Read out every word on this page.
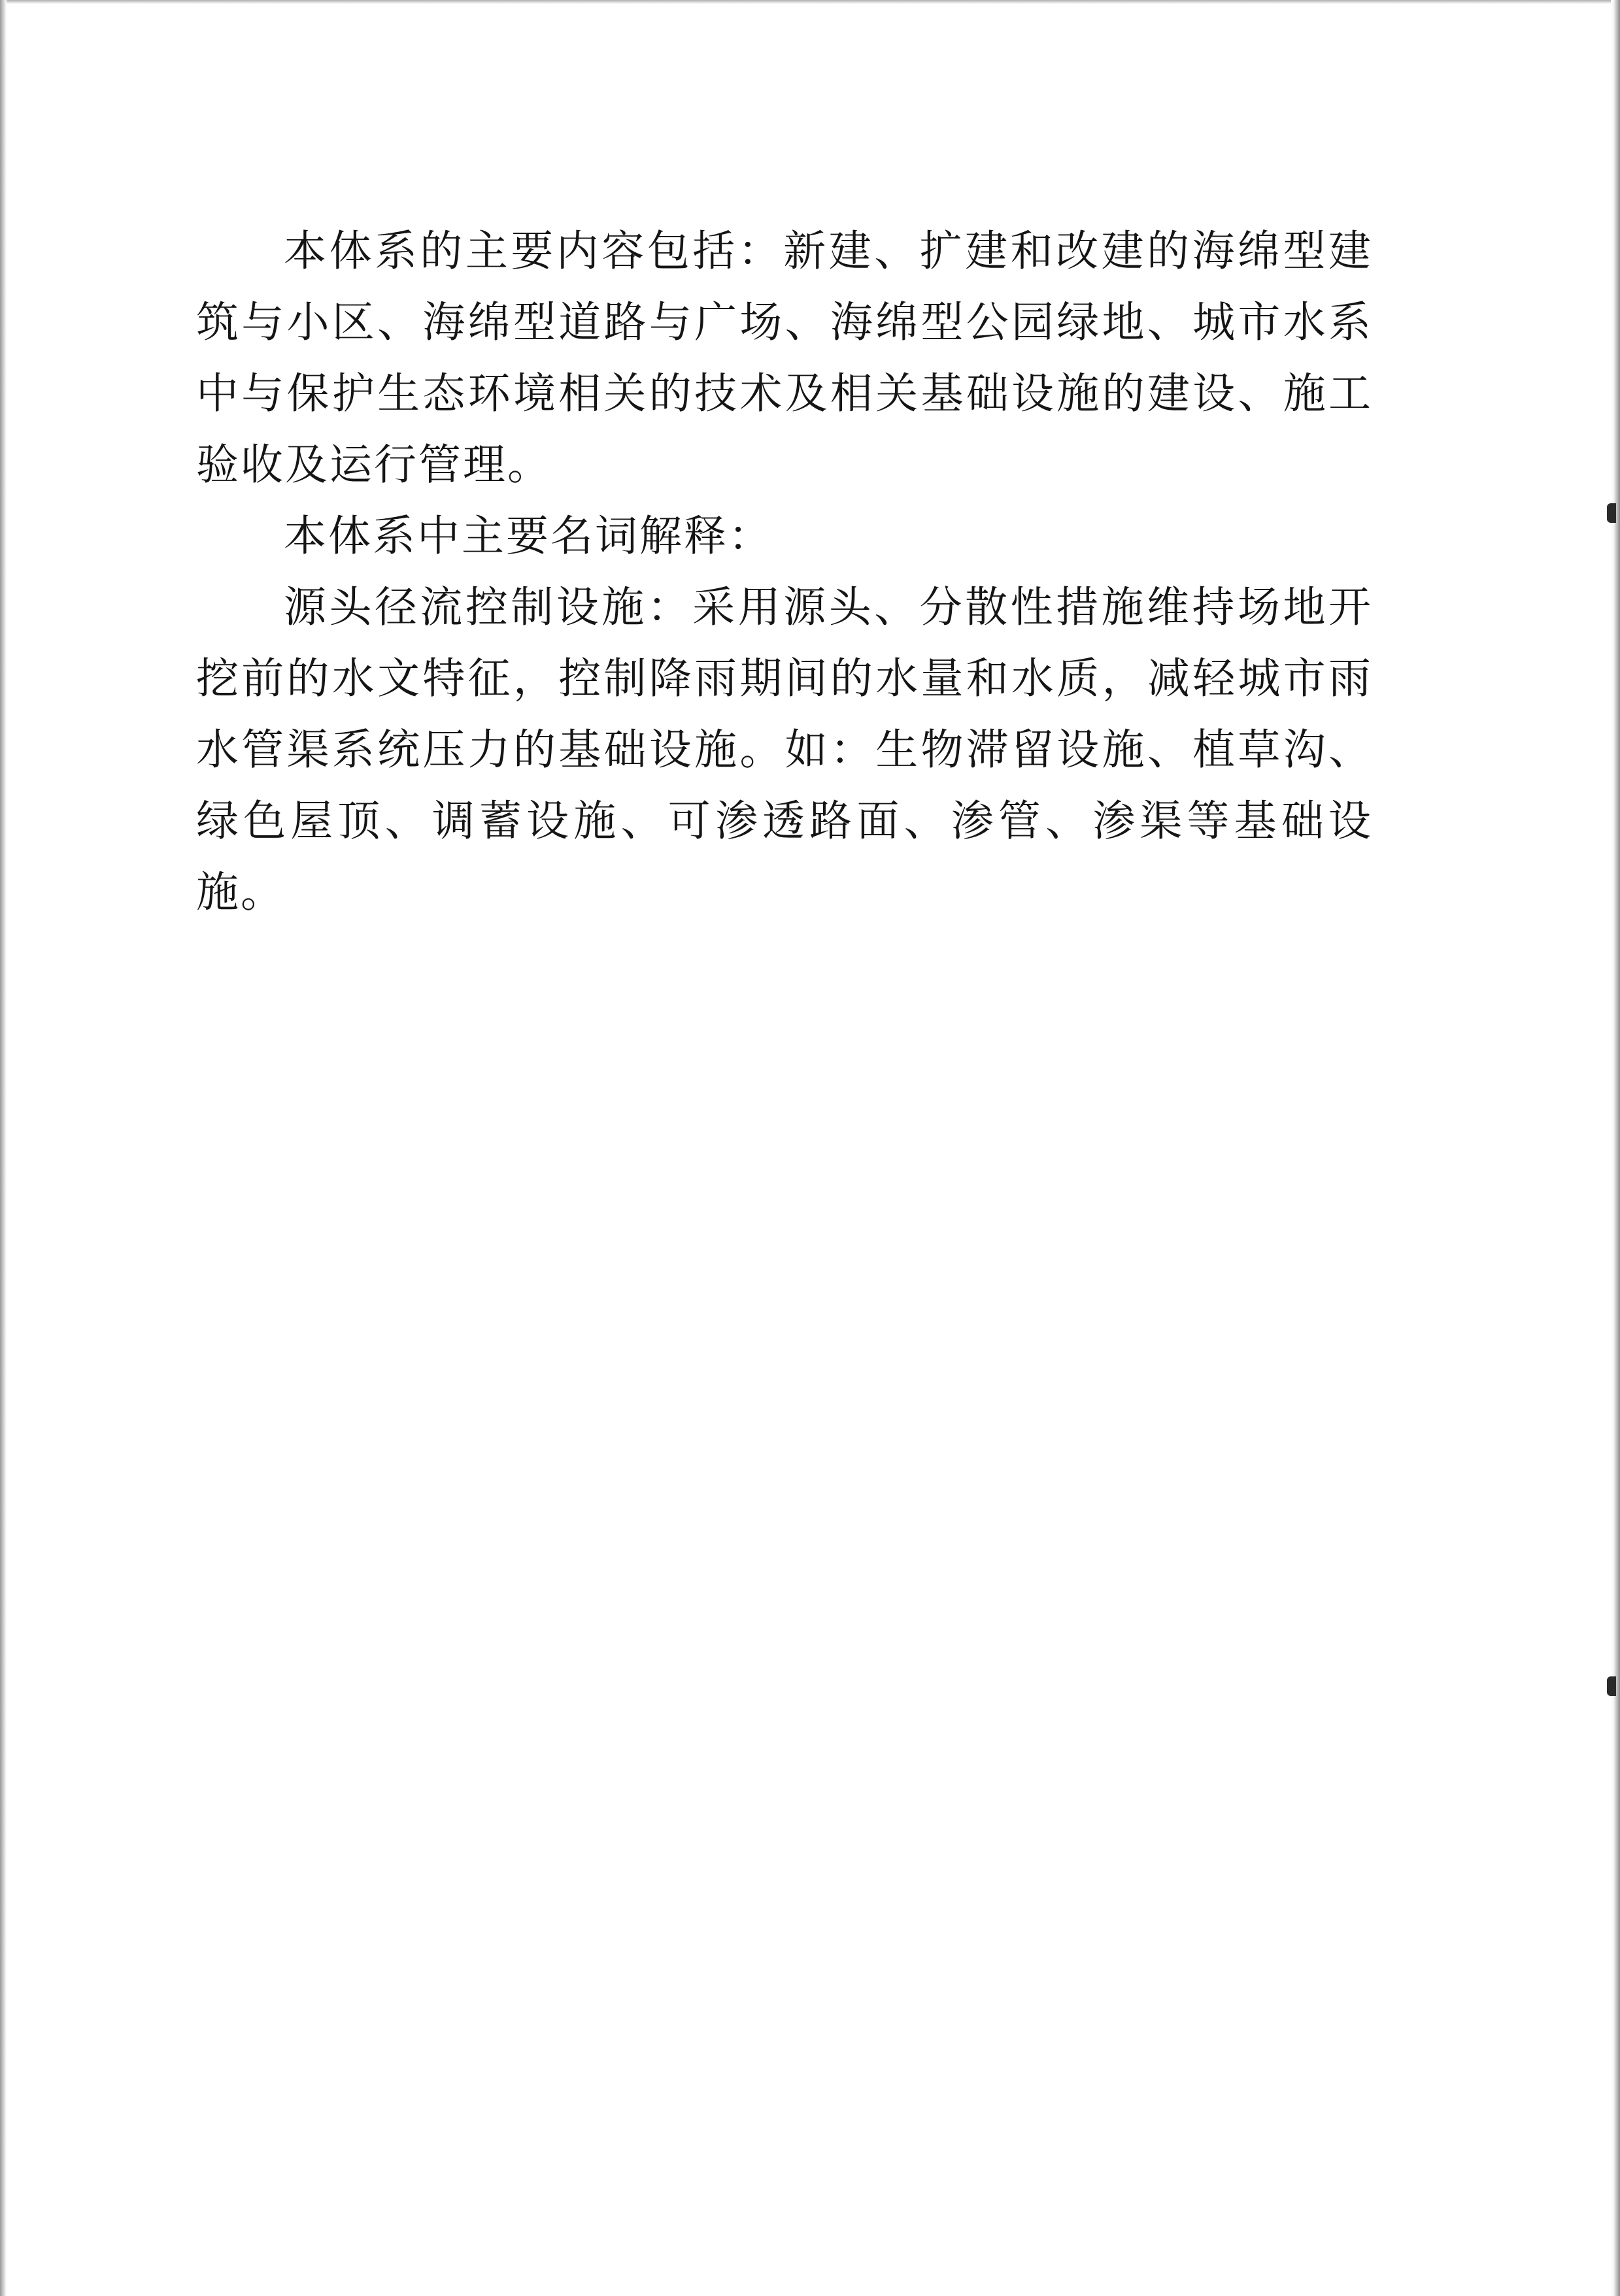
本体系的主要内容包括：新建、扩建和改建的海绵型建筑与小区、海绵型道路与广场、海绵型公园绿地、城市水系中与保护生态环境相关的技术及相关基础设施的建设、施工验收及运行管理。

本体系中主要名词解释：

源头径流控制设施：采用源头、分散性措施维持场地开挖前的水文特征，控制降雨期间的水量和水质，减轻城市雨水管渠系统压力的基础设施。如：生物滞留设施、植草沟、绿色屋顶、调蓄设施、可渗透路面、渗管、渗渠等基础设施。
